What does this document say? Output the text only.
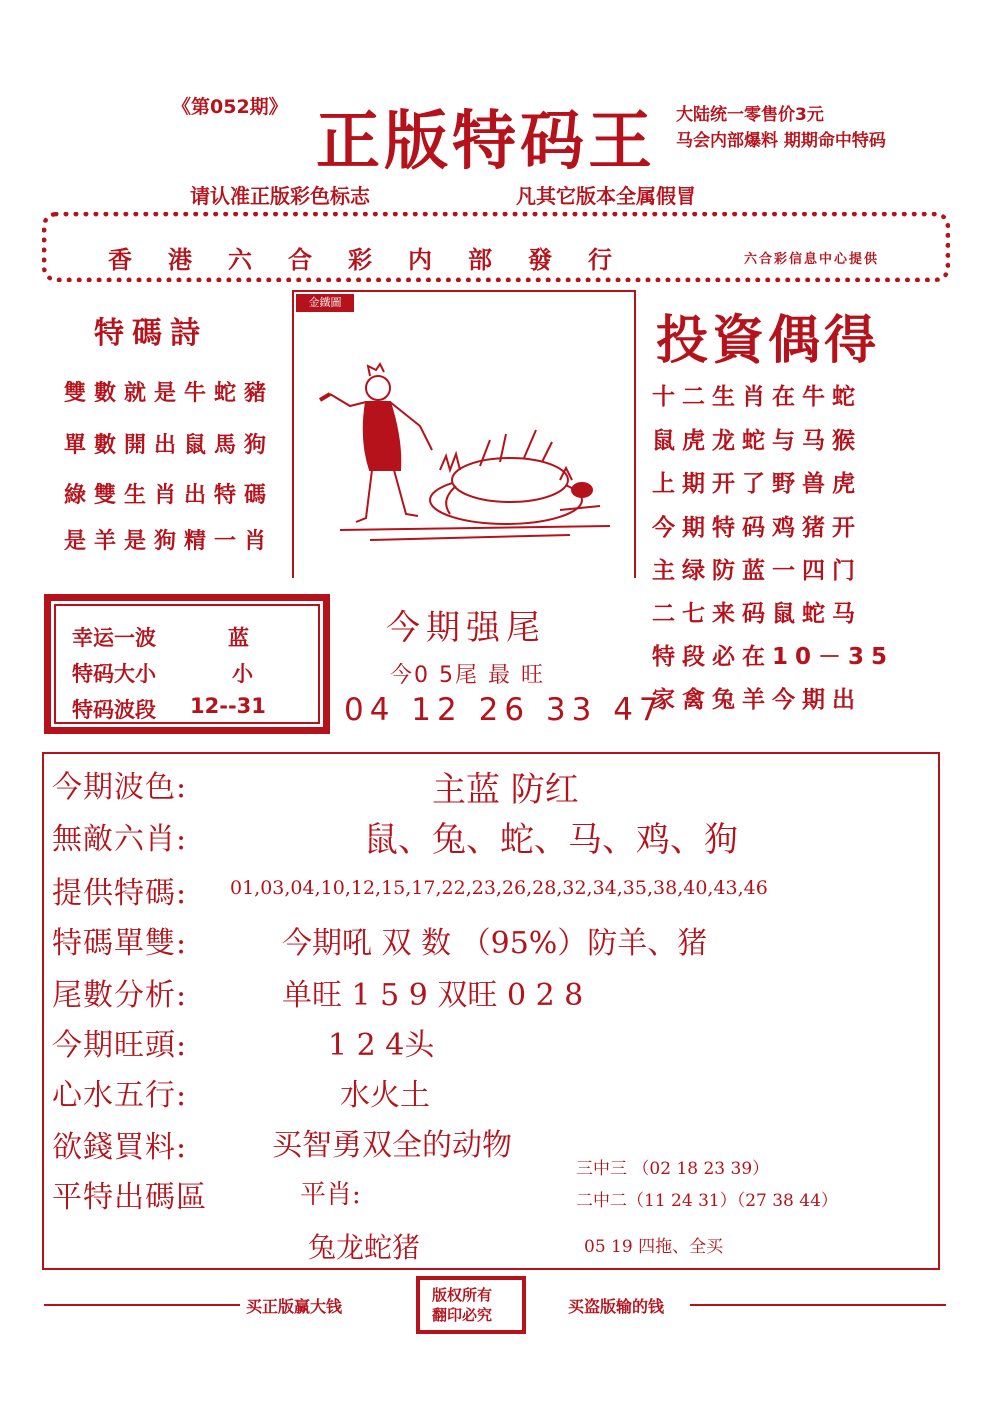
《第052期》 正版特码王 大陆统一零售价3元
马会内部爆料 期期命中特码
请认准正版彩色标志	凡其它版本全属假冒
香港六合彩内部發行	六合彩信息中心提供
特碼詩
雙數就是牛蛇豬
單數開出鼠馬狗
綠雙生肖出特碼
是羊是狗精一肖
金鐵圖
投資偶得
十二生肖在牛蛇
鼠虎龙蛇与马猴
上期开了野兽虎
今期特码鸡猪开
主绿防蓝一四门
二七来码鼠蛇马
特段必在10－35
家禽兔羊今期出
幸运一波	蓝
特码大小	小
特码波段 12--31
今期强尾
今0 5尾 最 旺
04 12 26 33 47
今期波色:	主蓝 防红
無敵六肖:	鼠、兔、蛇、马、鸡、狗
提供特碼: 01,03,04,10,12,15,17,22,23,26,28,32,34,35,38,40,43,46
特碼單雙:	今期吼 双 数 （95%）防羊、猪
尾數分析:	单旺 1 5 9 双旺 0 2 8
今期旺頭:	1 2 4头
心水五行:	水火土
欲錢買料:	买智勇双全的动物
平特出碼區	平肖:
兔龙蛇猪
三中三 （02 18 23 39）
二中二（11 24 31）（27 38 44）
05 19 四拖、全买
买正版赢大钱	买盗版输的钱
版权所有
翻印必究
